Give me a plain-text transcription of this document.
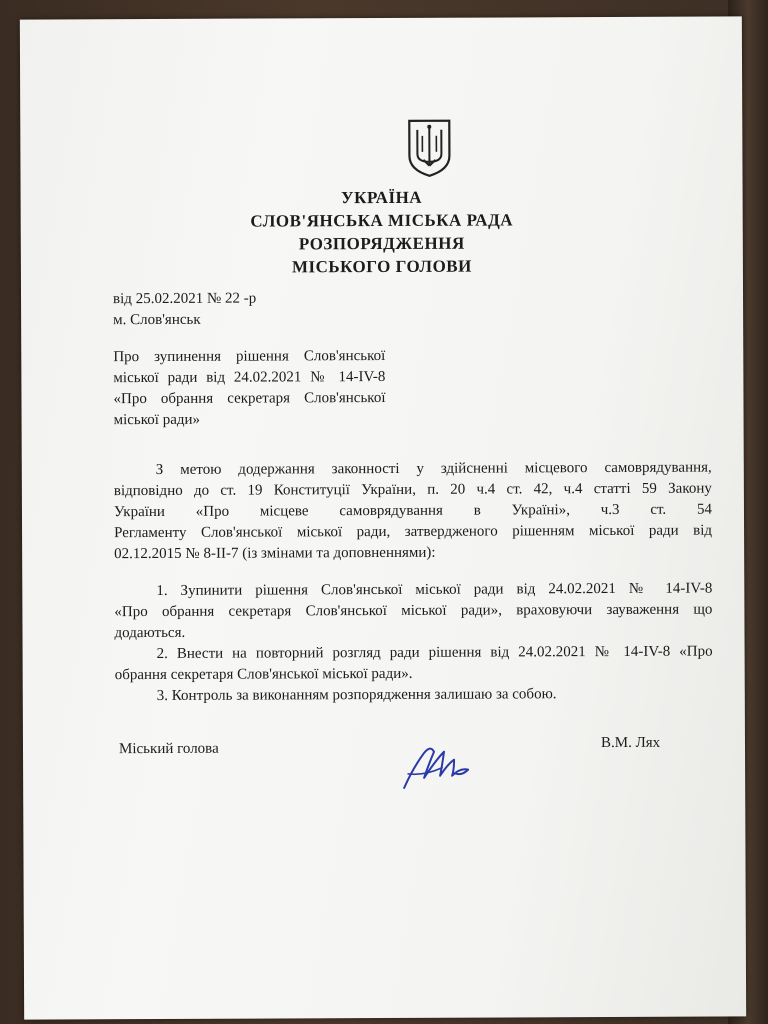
УКРАЇНА
СЛОВ'ЯНСЬКА МІСЬКА РАДА
РОЗПОРЯДЖЕННЯ
МІСЬКОГО ГОЛОВИ
від 25.02.2021 № 22 -р
м. Слов'янськ
Про зупинення рішення Слов'янської
міської ради від 24.02.2021 № 14-ІV-8
«Про обрання секретаря Слов'янської
міської ради»
З метою додержання законності у здійсненні місцевого самоврядування,
відповідно до ст. 19 Конституції України, п. 20 ч.4 ст. 42, ч.4 статті 59 Закону
України «Про місцеве самоврядування в Україні», ч.3 ст. 54
Регламенту Слов'янської міської ради, затвердженого рішенням міської ради від
02.12.2015 № 8-ІІ-7 (із змінами та доповненнями):
1. Зупинити рішення Слов'янської міської ради від 24.02.2021 № 14-ІV-8
«Про обрання секретаря Слов'янської міської ради», враховуючи зауваження що
додаються.
2. Внести на повторний розгляд ради рішення від 24.02.2021 № 14-ІV-8 «Про
обрання секретаря Слов'янської міської ради».
3. Контроль за виконанням розпорядження залишаю за собою.
Міський голова	В.М. Лях
